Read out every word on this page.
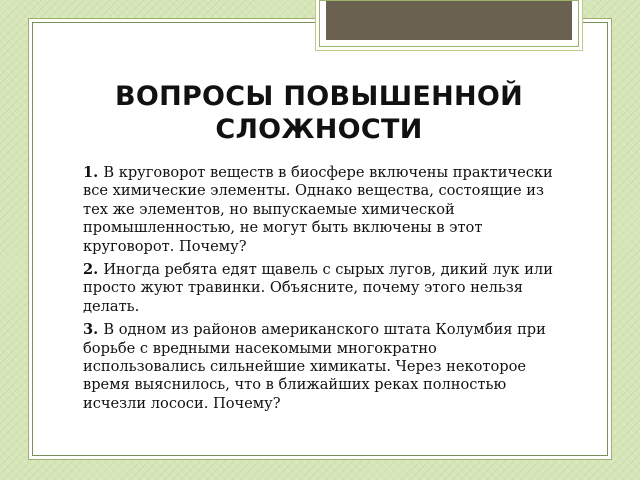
ВОПРОСЫ ПОВЫШЕННОЙ СЛОЖНОСТИ
1. В круговорот веществ в биосфере включены практически все химические элементы. Однако вещества, состоящие из тех же элементов, но выпускаемые химической промышленностью, не могут быть включены в этот круговорот. Почему?
2. Иногда ребята едят щавель с сырых лугов, дикий лук или просто жуют травинки. Объясните, почему этого нельзя делать.
3. В одном из районов американского штата Колумбия при борьбе с вредными насекомыми многократно использовались сильнейшие химикаты. Через некоторое время выяснилось, что в ближайших реках полностью исчезли лососи. Почему?
